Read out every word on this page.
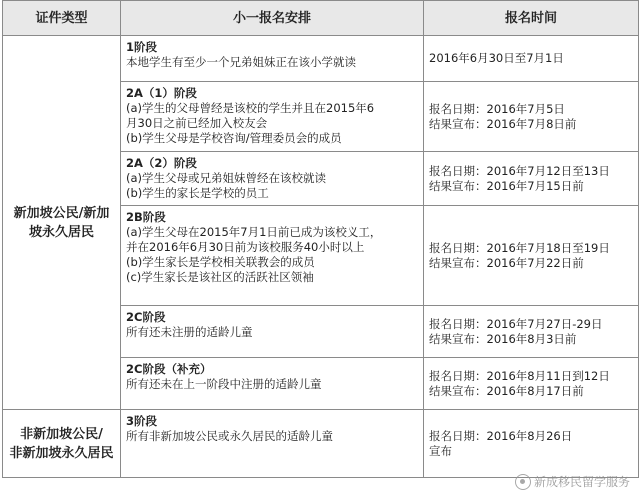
证件类型	小一报名安排	报名时间

新加坡公民/新加
坡永久居民	1阶段
本地学生有至少一个兄弟姐妹正在该小学就读	2016年6月30日至7月1日

	2A（1）阶段
(a)学生的父母曾经是该校的学生并且在2015年6
月30日之前已经加入校友会
(b)学生父母是学校咨询/管理委员会的成员	报名日期：2016年7月5日
结果宣布：2016年7月8日前

	2A（2）阶段
(a)学生父母或兄弟姐妹曾经在该校就读
(b)学生的家长是学校的员工	报名日期：2016年7月12日至13日
结果宣布：2016年7月15日前

	2B阶段
(a)学生父母在2015年7月1日前已成为该校义工，
并在2016年6月30日前为该校服务40小时以上
(b)学生家长是学校相关联教会的成员
(c)学生家长是该社区的活跃社区领袖	报名日期：2016年7月18日至19日
结果宣布：2016年7月22日前

	2C阶段
所有还未注册的适龄儿童	报名日期：2016年7月27日-29日
结果宣布：2016年8月3日前

	2C阶段（补充）
所有还未在上一阶段中注册的适龄儿童	报名日期：2016年8月11日到12日
结果宣布：2016年8月17日前

非新加坡公民/
非新加坡永久居民	3阶段
所有非新加坡公民或永久居民的适龄儿童	报名日期：2016年8月26日
宣布
新成移民留学服务
